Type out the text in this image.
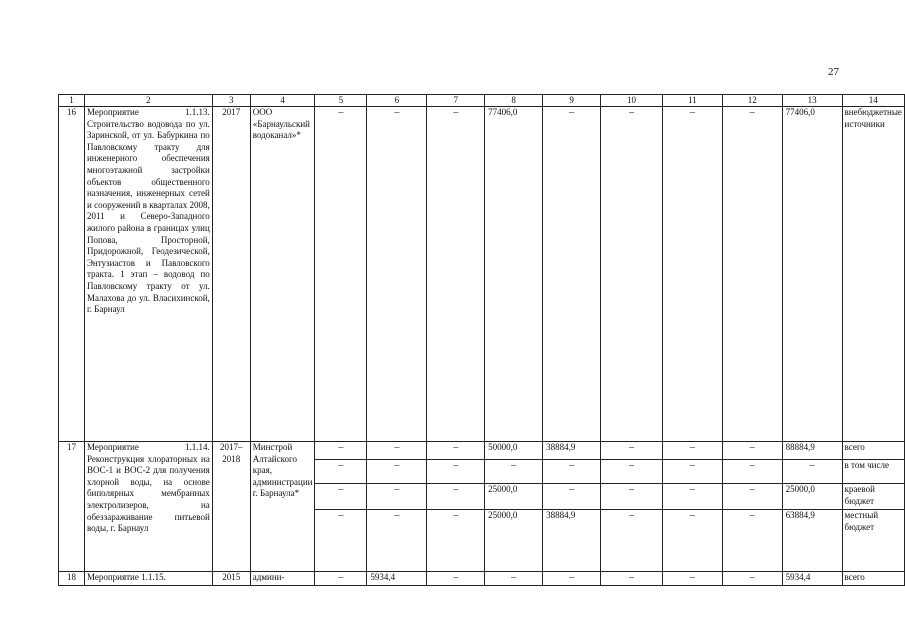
27
1	2	3	4	5	6	7	8	9	10	11	12	13	14
16	Мероприятие 1.1.13. Строительство водовода по ул. Заринской, от ул. Бабуркина по Павловскому тракту для инженерного обеспечения многоэтажной застройки объектов общественного назначения, инженерных сетей и сооружений в кварталах 2008, 2011 и Северо-Западного жилого района в границах улиц Попова, Просторной, Придорожной, Геодезической, Энтузиастов и Павловского тракта. 1 этап – водовод по Павловскому тракту от ул. Малахова до ул. Власихинской, г. Барнаул	2017	ООО «Барнаульский водоканал»*	–	–	–	77406,0	–	–	–	–	77406,0	внебюджетные источники
17	Мероприятие 1.1.14. Реконструкция хлораторных на ВОС-1 и ВОС-2 для получения хлорной воды, на основе биполярных мембранных электролизеров, на обеззараживание питьевой воды, г. Барнаул	2017–2018	Минстрой Алтайского края, администрации г. Барнаула*	–	–	–	50000,0	38884,9	–	–	–	88884,9	всего
				–	–	–	–	–	–	–	–	–	в том числе
				–	–	–	25000,0	–	–	–	–	25000,0	краевой бюджет
				–	–	–	25000,0	38884,9	–	–	–	63884,9	местный бюджет
18	Мероприятие 1.1.15.	2015	админи-	–	5934,4	–	–	–	–	–	–	5934,4	всего
